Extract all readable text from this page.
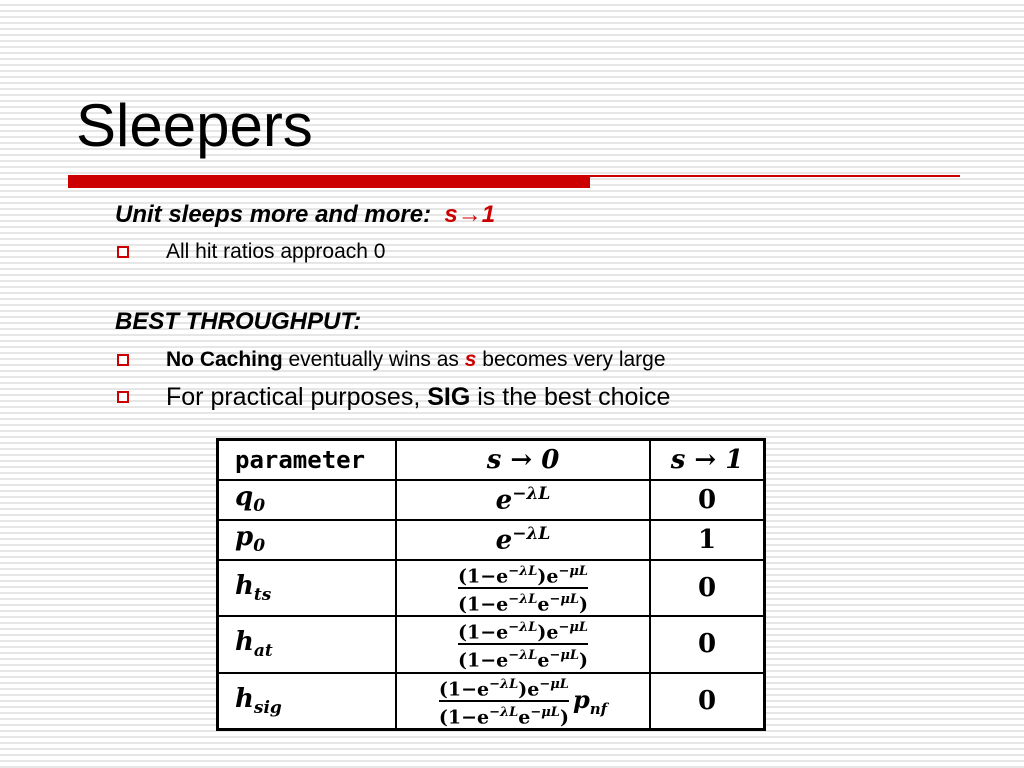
Sleepers
Unit sleeps more and more: s→1
All hit ratios approach 0
BEST THROUGHPUT:
No Caching eventually wins as s becomes very large
For practical purposes, SIG is the best choice
parameter	s → 0	s → 1
$q_0$	$e^{-\lambda L}$	0
$p_0$	$e^{-\lambda L}$	1
$h_{ts}$	$\frac{(1-e^{-\lambda L})e^{-\mu L}}{(1-e^{-\lambda L}e^{-\mu L})}$	0
$h_{at}$	$\frac{(1-e^{-\lambda L})e^{-\mu L}}{(1-e^{-\lambda L}e^{-\mu L})}$	0
$h_{sig}$	$\frac{(1-e^{-\lambda L})e^{-\mu L}}{(1-e^{-\lambda L}e^{-\mu L})} p_{nf}$	0
